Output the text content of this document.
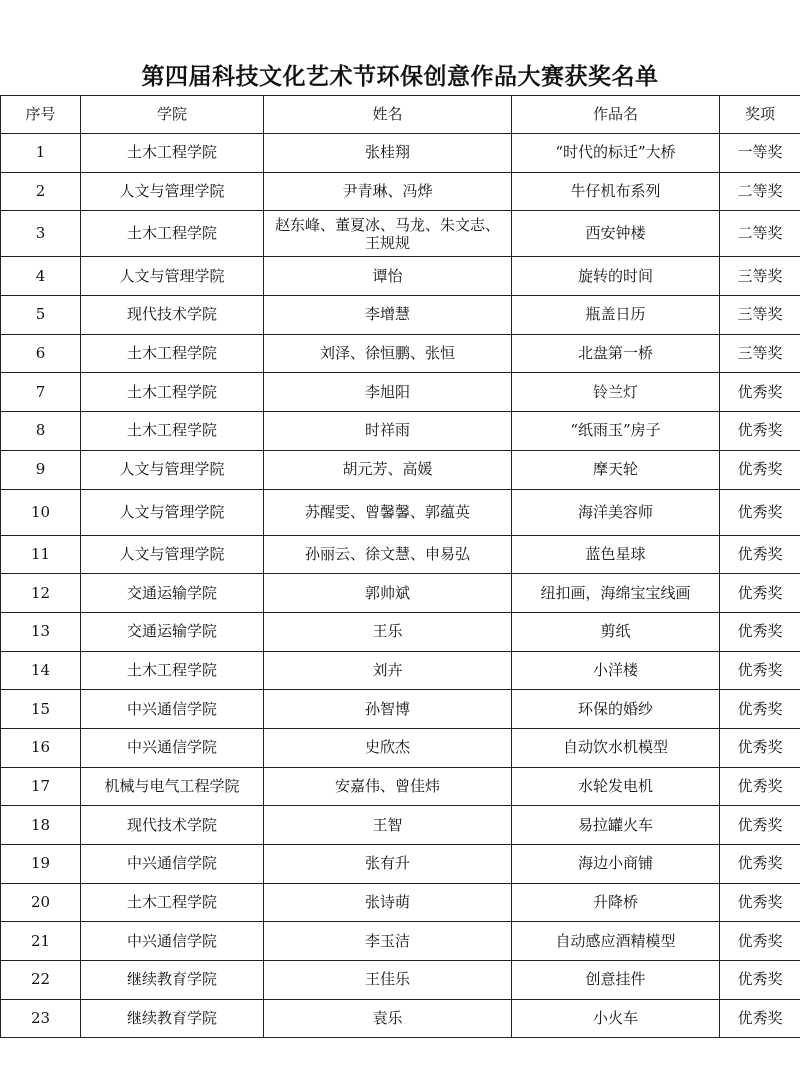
第四届科技文化艺术节环保创意作品大赛获奖名单
序号	学院	姓名	作品名	奖项
1	土木工程学院	张桂翔	“时代的标迁”大桥	一等奖
2	人文与管理学院	尹青琳、冯烨	牛仔机布系列	二等奖
3	土木工程学院	赵东峰、董夏冰、马龙、朱文志、王规规	西安钟楼	二等奖
4	人文与管理学院	谭怡	旋转的时间	三等奖
5	现代技术学院	李增慧	瓶盖日历	三等奖
6	土木工程学院	刘泽、徐恒鹏、张恒	北盘第一桥	三等奖
7	土木工程学院	李旭阳	铃兰灯	优秀奖
8	土木工程学院	时祥雨	“纸雨玉”房子	优秀奖
9	人文与管理学院	胡元芳、高媛	摩天轮	优秀奖
10	人文与管理学院	苏醒雯、曾馨馨、郭蕴英	海洋美容师	优秀奖
11	人文与管理学院	孙丽云、徐文慧、申易弘	蓝色星球	优秀奖
12	交通运输学院	郭帅斌	纽扣画，海绵宝宝线画	优秀奖
13	交通运输学院	王乐	剪纸	优秀奖
14	土木工程学院	刘卉	小洋楼	优秀奖
15	中兴通信学院	孙智博	环保的婚纱	优秀奖
16	中兴通信学院	史欣杰	自动饮水机模型	优秀奖
17	机械与电气工程学院	安嘉伟、曾佳炜	水轮发电机	优秀奖
18	现代技术学院	王智	易拉罐火车	优秀奖
19	中兴通信学院	张有升	海边小商铺	优秀奖
20	土木工程学院	张诗萌	升降桥	优秀奖
21	中兴通信学院	李玉洁	自动感应酒精模型	优秀奖
22	继续教育学院	王佳乐	创意挂件	优秀奖
23	继续教育学院	袁乐	小火车	优秀奖
